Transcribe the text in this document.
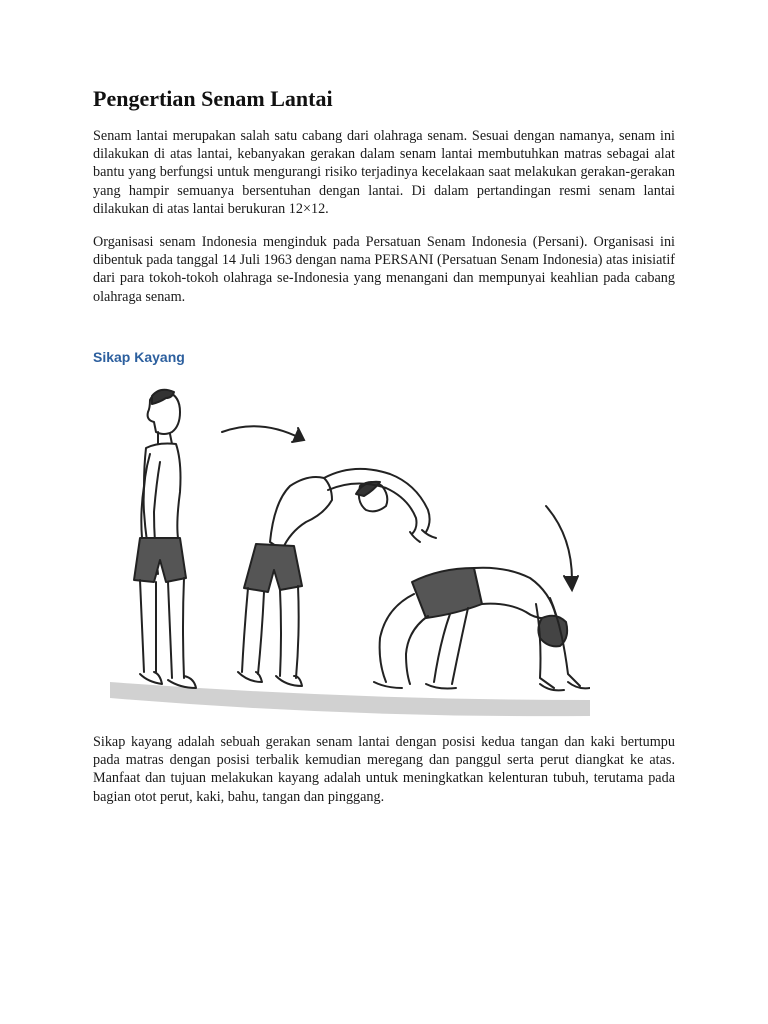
Pengertian Senam Lantai

Senam lantai merupakan salah satu cabang dari olahraga senam. Sesuai dengan namanya, senam ini dilakukan di atas lantai, kebanyakan gerakan dalam senam lantai membutuhkan matras sebagai alat bantu yang berfungsi untuk mengurangi risiko terjadinya kecelakaan saat melakukan gerakan-gerakan yang hampir semuanya bersentuhan dengan lantai. Di dalam pertandingan resmi senam lantai dilakukan di atas lantai berukuran 12×12.

Organisasi senam Indonesia menginduk pada Persatuan Senam Indonesia (Persani). Organisasi ini dibentuk pada tanggal 14 Juli 1963 dengan nama PERSANI (Persatuan Senam Indonesia) atas inisiatif dari para tokoh-tokoh olahraga se-Indonesia yang menangani dan mempunyai keahlian pada cabang olahraga senam.

Sikap Kayang

Sikap kayang adalah sebuah gerakan senam lantai dengan posisi kedua tangan dan kaki bertumpu pada matras dengan posisi terbalik kemudian meregang dan panggul serta perut diangkat ke atas. Manfaat dan tujuan melakukan kayang adalah untuk meningkatkan kelenturan tubuh, terutama pada bagian otot perut, kaki, bahu, tangan dan pinggang.
